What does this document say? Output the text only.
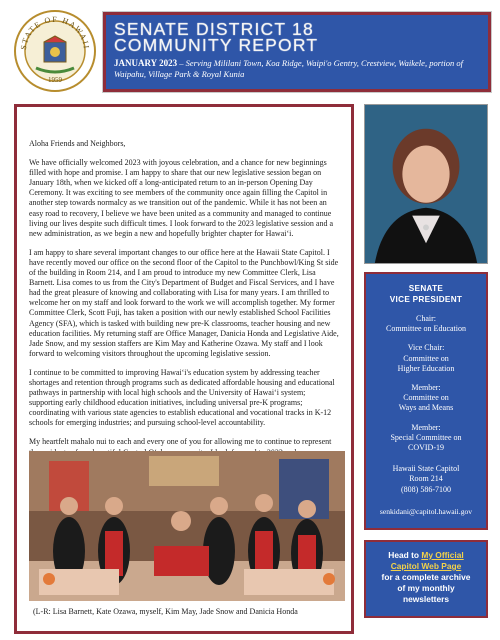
STATE OF HAWAII
1959
SENATE DISTRICT 18
COMMUNITY REPORT
JANUARY 2023 – Serving Mililani Town, Koa Ridge, Waipi'o Gentry, Crestview, Waikele, portion of Waipahu, Village Park & Royal Kunia

Aloha Friends and Neighbors,

We have officially welcomed 2023 with joyous celebration, and a chance for new beginnings filled with hope and promise. I am happy to share that our new legislative session began on January 18th, when we kicked off a long-anticipated return to an in-person Opening Day Ceremony. It was exciting to see members of the community once again filling the Capitol in another step towards normalcy as we transition out of the pandemic. While it has not been an easy road to recovery, I believe we have been united as a community and managed to continue living our lives despite such difficult times. I look forward to the 2023 legislative session and a new administration, as we begin a new and hopefully brighter chapter for Hawaiʻi.

I am happy to share several important changes to our office here at the Hawaii State Capitol. I have recently moved our office on the second floor of the Capitol to the Punchbowl/King St side of the building in Room 214, and I am proud to introduce my new Committee Clerk, Lisa Barnett. Lisa comes to us from the City's Department of Budget and Fiscal Services, and I have had the great pleasure of knowing and collaborating with Lisa for many years. I am thrilled to welcome her on my staff and look forward to the work we will accomplish together. My former Committee Clerk, Scott Fuji, has taken a position with our newly established School Facilities Agency (SFA), which is tasked with building new pre-K classrooms, teacher housing and new education facilities. My returning staff are Office Manager, Danicia Honda and Legislative Aide, Jade Snow, and my session staffers are Kim May and Katherine Ozawa. My staff and I look forward to welcoming visitors throughout the upcoming legislative session.

I continue to be committed to improving Hawaiʻi's education system by addressing teacher shortages and retention through programs such as dedicated affordable housing and educational pathways in partnership with local high schools and the University of Hawaiʻi system; supporting early childhood education initiatives, including universal pre-K programs; coordinating with various state agencies to establish educational and vocational tracks in K-12 schools for emerging industries; and pursuing school-level accountability.

My heartfelt mahalo nui to each and every one of you for allowing me to continue to represent

(L-R: Lisa Barnett, Kate Ozawa, myself, Kim May, Jade Snow and Danicia Honda
SENATE
VICE PRESIDENT
Chair:
Committee on Education
Vice Chair:
Committee on
Higher Education
Member:
Committee on
Ways and Means
Member:
Special Committee on
COVID-19
Hawaii State Capitol
Room 214
(808) 586-7100
senkidani@capitol.hawaii.gov
Head to My Official
Capitol Web Page
for a complete archive
of my monthly
newsletters
